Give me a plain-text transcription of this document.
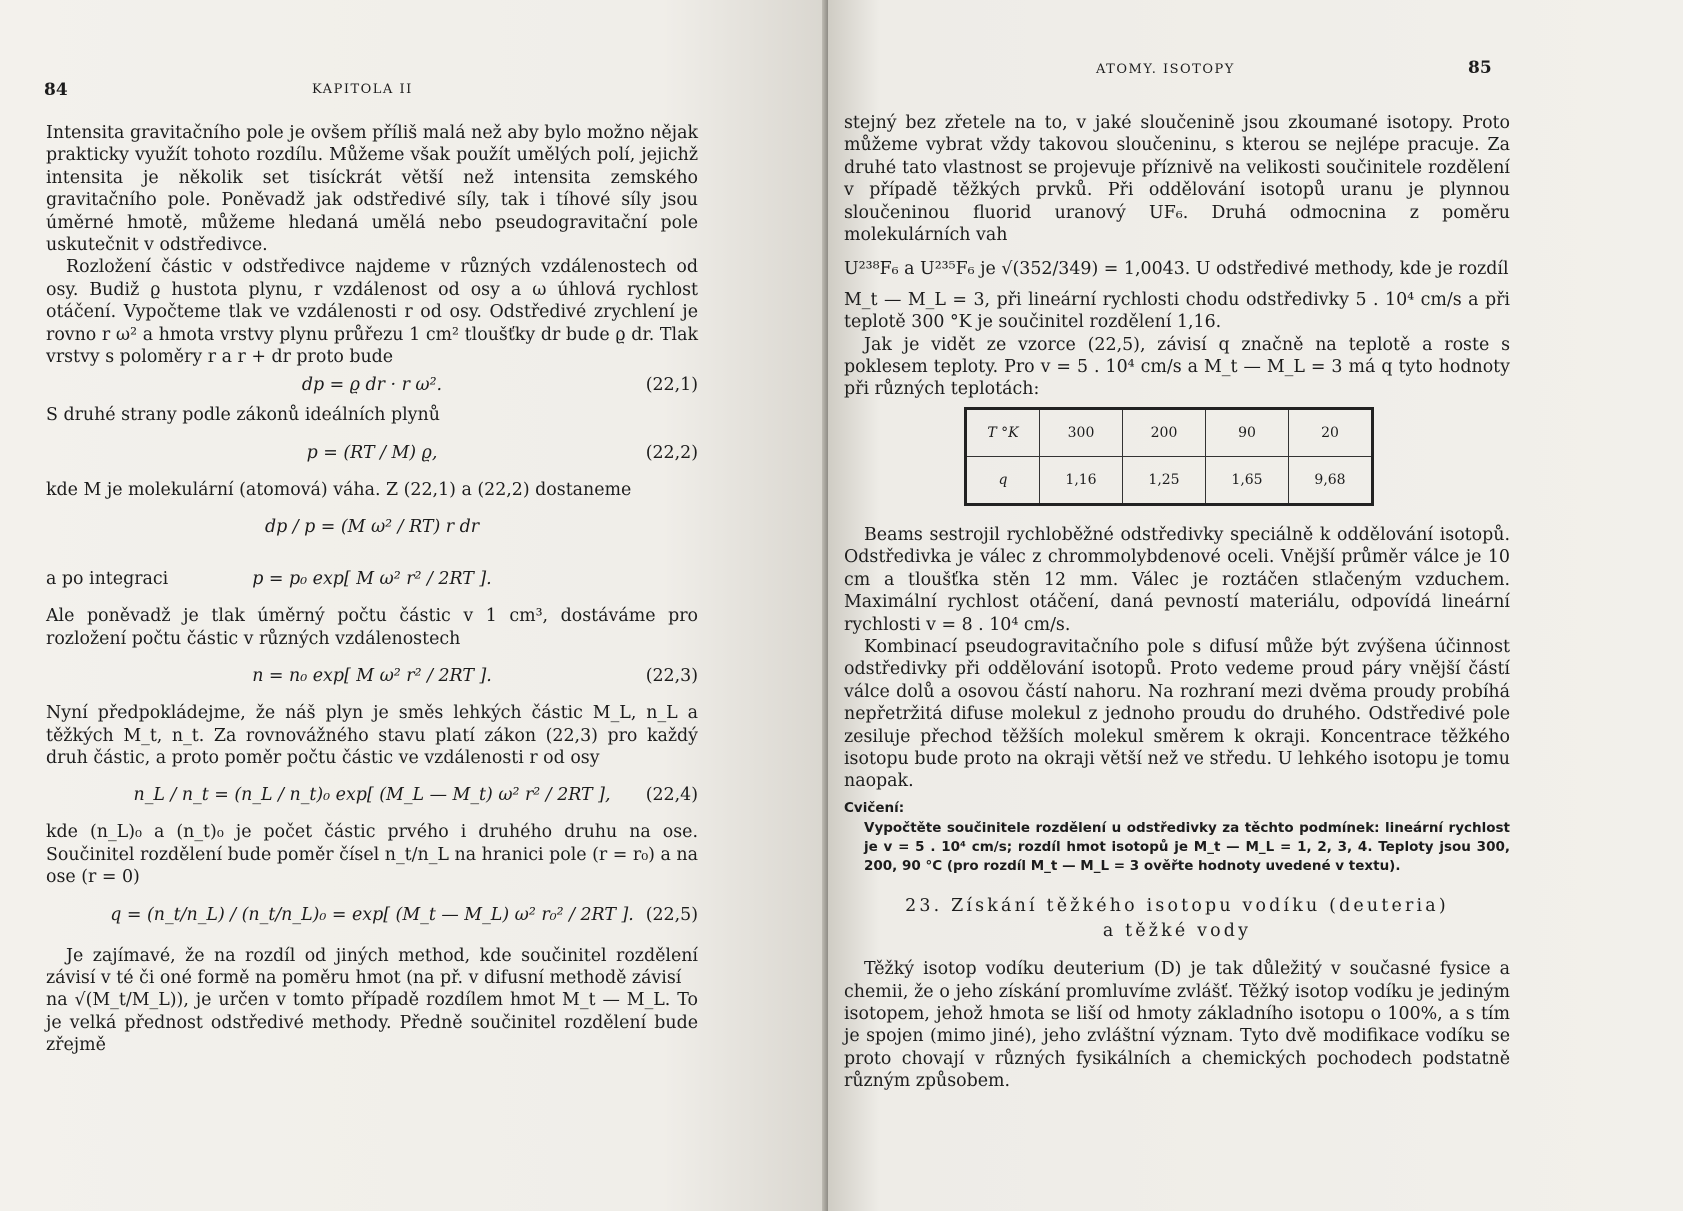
84	KAPITOLA II

Intensita gravitačního pole je ovšem příliš malá než aby bylo možno nějak prakticky využít tohoto rozdílu. Můžeme však použít umělých polí, jejichž intensita je několik set tisíckrát větší než intensita zemského gravitačního pole. Poněvadž jak odstředivé síly, tak i tíhové síly jsou úměrné hmotě, můžeme hledaná umělá nebo pseudogravitační pole uskutečnit v odstředivce.

Rozložení částic v odstředivce najdeme v různých vzdálenostech od osy. Budiž ϱ hustota plynu, r vzdálenost od osy a ω úhlová rychlost otáčení. Vypočteme tlak ve vzdálenosti r od osy. Odstředivé zrychlení je rovno r ω² a hmota vrstvy plynu průřezu 1 cm² tloušťky dr bude ϱ dr. Tlak vrstvy s poloměry r a r + dr proto bude

dp = ϱ dr · r ω².	(22,1)

S druhé strany podle zákonů ideálních plynů

p = (RT / M) ϱ,	(22,2)

kde M je molekulární (atomová) váha. Z (22,1) a (22,2) dostaneme

dp / p = (M ω² / RT) r dr
a po integraci	p = p₀ exp[ M ω² r² / 2RT ].

Ale poněvadž je tlak úměrný počtu částic v 1 cm³, dostáváme pro rozložení počtu částic v různých vzdálenostech

n = n₀ exp[ M ω² r² / 2RT ].	(22,3)

Nyní předpokládejme, že náš plyn je směs lehkých částic M_L, n_L a těžkých M_t, n_t. Za rovnovážného stavu platí zákon (22,3) pro každý druh částic, a proto poměr počtu částic ve vzdálenosti r od osy

n_L / n_t = (n_L / n_t)₀ exp[ (M_L — M_t) ω² r² / 2RT ], (22,4)

kde (n_L)₀ a (n_t)₀ je počet částic prvého i druhého druhu na ose. Součinitel rozdělení bude poměr čísel n_t/n_L na hranici pole (r = r₀) a na ose (r = 0)

q = (n_t/n_L) / (n_t/n_L)₀ = exp[ (M_t — M_L) ω² r₀² / 2RT ]. (22,5)

Je zajímavé, že na rozdíl od jiných method, kde součinitel rozdělení závisí v té či oné formě na poměru hmot (na př. v difusní methodě závisí

na √(M_t/M_L)), je určen v tomto případě rozdílem hmot M_t — M_L. To je velká přednost odstředivé methody. Předně součinitel rozdělení bude zřejmě

ATOMY. ISOTOPY	85

stejný bez zřetele na to, v jaké sloučenině jsou zkoumané isotopy. Proto můžeme vybrat vždy takovou sloučeninu, s kterou se nejlépe pracuje. Za druhé tato vlastnost se projevuje příznivě na velikosti součinitele rozdělení v případě těžkých prvků. Při oddělování isotopů uranu je plynnou sloučeninou fluorid uranový UF₆. Druhá odmocnina z poměru molekulárních vah

U²³⁸F₆ a U²³⁵F₆ je √(352/349) = 1,0043. U odstředivé methody, kde je rozdíl

M_t — M_L = 3, při lineární rychlosti chodu odstředivky 5 . 10⁴ cm/s a při teplotě 300 °K je součinitel rozdělení 1,16.

Jak je vidět ze vzorce (22,5), závisí q značně na teplotě a roste s poklesem teploty. Pro v = 5 . 10⁴ cm/s a M_t — M_L = 3 má q tyto hodnoty při různých teplotách:

T °K	300	200	90	20
q	1,16	1,25	1,65	9,68

Beams sestrojil rychloběžné odstředivky speciálně k oddělování isotopů. Odstředivka je válec z chrommolybdenové oceli. Vnější průměr válce je 10 cm a tloušťka stěn 12 mm. Válec je roztáčen stlačeným vzduchem. Maximální rychlost otáčení, daná pevností materiálu, odpovídá lineární rychlosti v = 8 . 10⁴ cm/s.

Kombinací pseudogravitačního pole s difusí může být zvýšena účinnost odstředivky při oddělování isotopů. Proto vedeme proud páry vnější částí válce dolů a osovou částí nahoru. Na rozhraní mezi dvěma proudy probíhá nepřetržitá difuse molekul z jednoho proudu do druhého. Odstředivé pole zesiluje přechod těžších molekul směrem k okraji. Koncentrace těžkého isotopu bude proto na okraji větší než ve středu. U lehkého isotopu je tomu naopak.

Cvičení:
Vypočtěte součinitele rozdělení u odstředivky za těchto podmínek: lineární rychlost je v = 5 . 10⁴ cm/s; rozdíl hmot isotopů je M_t — M_L = 1, 2, 3, 4. Teploty jsou 300, 200, 90 °C (pro rozdíl M_t — M_L = 3 ověřte hodnoty uvedené v textu).
23. Získání těžkého isotopu vodíku (deuteria)
a těžké vody

Těžký isotop vodíku deuterium (D) je tak důležitý v současné fysice a chemii, že o jeho získání promluvíme zvlášť. Těžký isotop vodíku je jediným isotopem, jehož hmota se liší od hmoty základního isotopu o 100%, a s tím je spojen (mimo jiné), jeho zvláštní význam. Tyto dvě modifikace vodíku se proto chovají v různých fysikálních a chemických pochodech podstatně různým způsobem.
